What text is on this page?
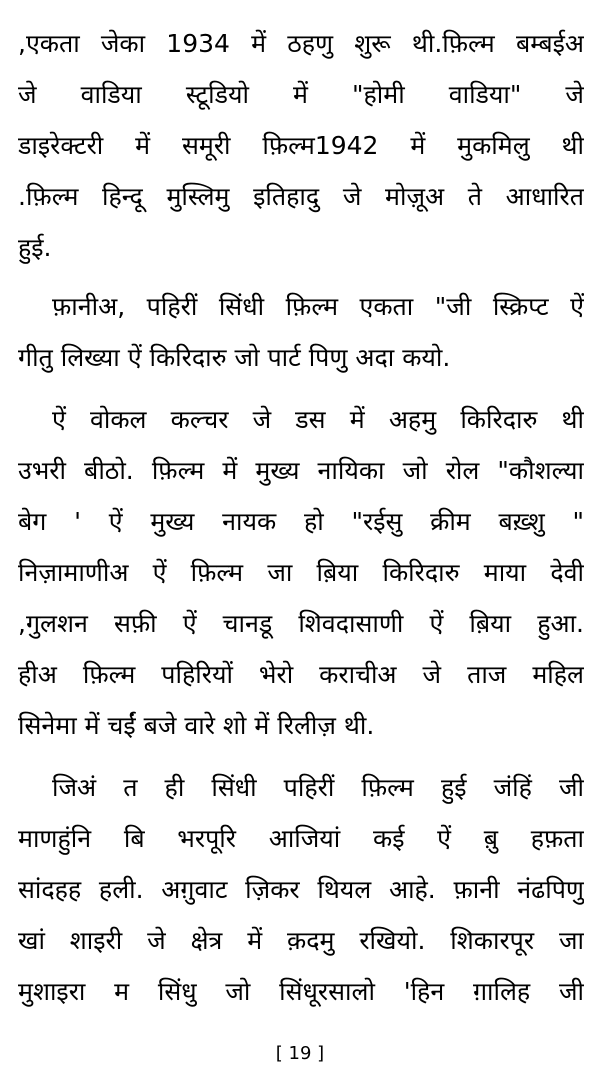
,एकता जेका 1934 में ठहणु शुरू थी.फ़िल्म बम्बईअ
जे वाडिया स्टूडियो में "होमी वाडिया" जे
डाइरेक्टरी में समूरी फ़िल्म1942 में मुकमिलु थी
.फ़िल्म हिन्दू मुस्लिमु इतिहादु जे मोज़ूअ ते आधारित
हुई.
फ़ानीअ, पहिरीं सिंधी फ़िल्म एकता "जी स्क्रिप्ट ऐं
गीतु लिख्या ऐं किरिदारु जो पार्ट पिणु अदा कयो.
ऐं वोकल कल्चर जे डस में अहमु किरिदारु थी
उभरी बीठो. फ़िल्म में मुख्य नायिका जो रोल "कौशल्या
बेग ' ऐं मुख्य नायक हो "रईसु क्रीम बख़्शु "
निज़ामाणीअ ऐं फ़िल्म जा ब़िया किरिदारु माया देवी
,गुलशन सफ़ी ऐं चानडू शिवदासाणी ऐं ब़िया हुआ.
हीअ फ़िल्म पहिरियों भेरो कराचीअ जे ताज महिल
सिनेमा में चईं बजे वारे शो में रिलीज़ थी.
जिअं त ही सिंधी पहिरीं फ़िल्म हुई जंहिं जी
माणहुंनि बि भरपूरि आजियां कई ऐं ब़ु हफ़ता
सांदहह हली. अग़ुवाट ज़िकर थियल आहे. फ़ानी नंढपिणु
खां शाइरी जे क्षेत्र में क़दमु रखियो. शिकारपूर जा
मुशाइरा म सिंधु जो सिंधूरसालो 'हिन ग़ालिह जी
[ 19 ]
